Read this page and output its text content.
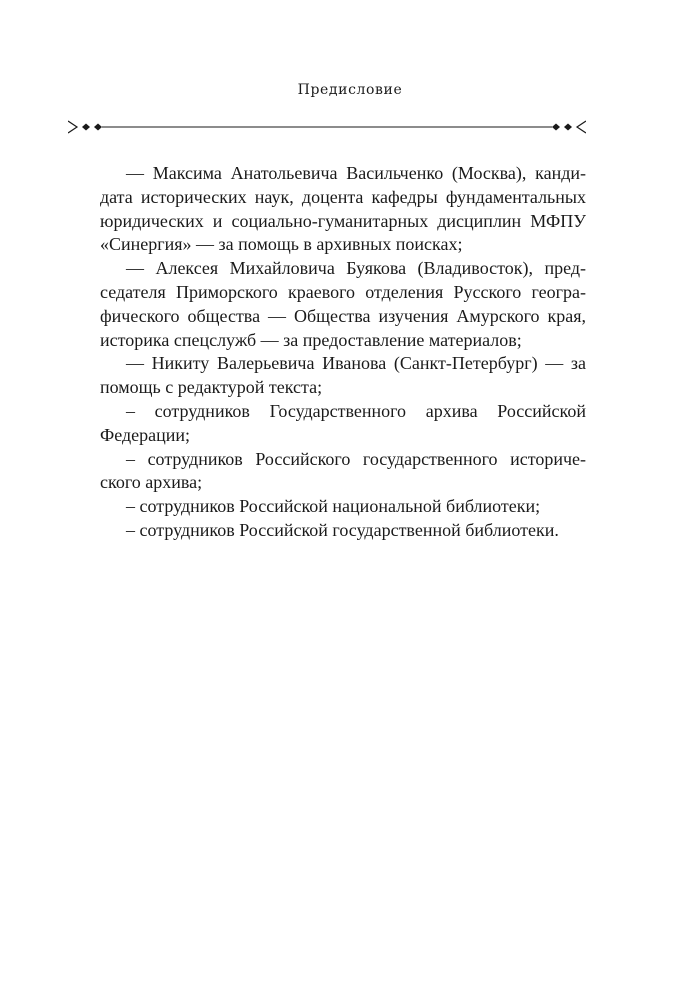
Предисловие
— Максима Анатольевича Васильченко (Москва), канди-
дата исторических наук, доцента кафедры фундаментальных
юридических и социально-гуманитарных дисциплин МФПУ
«Синергия» — за помощь в архивных поисках;
— Алексея Михайловича Буякова (Владивосток), пред-
седателя Приморского краевого отделения Русского геогра-
фического общества — Общества изучения Амурского края,
историка спецслужб — за предоставление материалов;
— Никиту Валерьевича Иванова (Санкт-Петербург) — за
помощь с редактурой текста;
– сотрудников Государственного архива Российской
Федерации;
– сотрудников Российского государственного историче-
ского архива;
– сотрудников Российской национальной библиотеки;
– сотрудников Российской государственной библиотеки.
